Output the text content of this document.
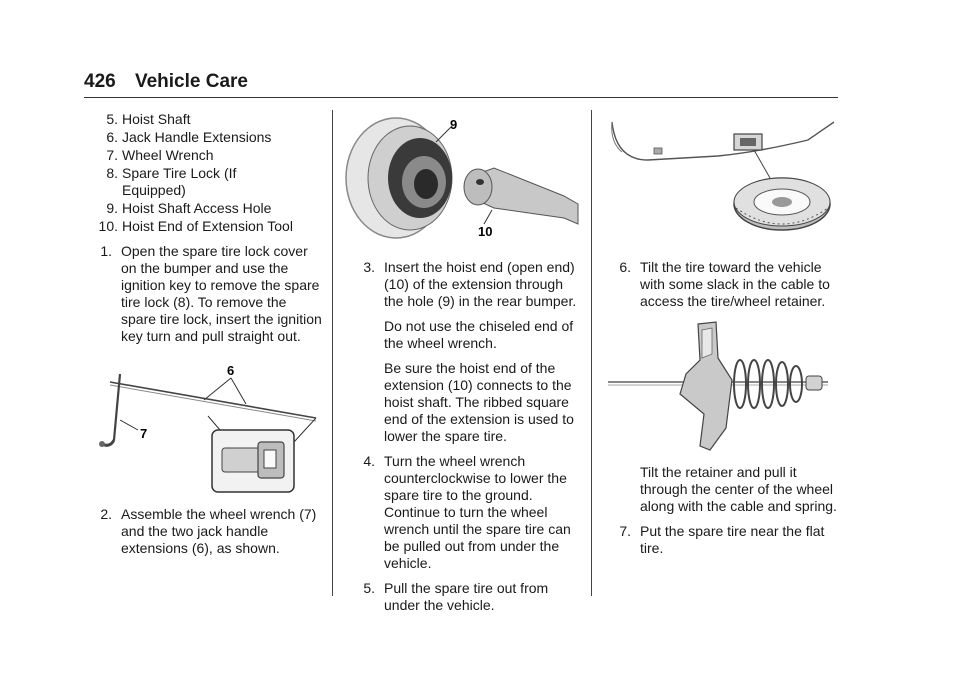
426 Vehicle Care
5. Hoist Shaft
6. Jack Handle Extensions
7. Wheel Wrench
8. Spare Tire Lock (If Equipped)
9. Hoist Shaft Access Hole
10. Hoist End of Extension Tool

1. Open the spare tire lock cover on the bumper and use the ignition key to remove the spare tire lock (8). To remove the spare tire lock, insert the ignition key turn and pull straight out.

6
7

2. Assemble the wheel wrench (7) and the two jack handle extensions (6), as shown.

9
10

3. Insert the hoist end (open end) (10) of the extension through the hole (9) in the rear bumper.

Do not use the chiseled end of the wheel wrench.

Be sure the hoist end of the extension (10) connects to the hoist shaft. The ribbed square end of the extension is used to lower the spare tire.

4. Turn the wheel wrench counterclockwise to lower the spare tire to the ground. Continue to turn the wheel wrench until the spare tire can be pulled out from under the vehicle.

5. Pull the spare tire out from under the vehicle.

6. Tilt the tire toward the vehicle with some slack in the cable to access the tire/wheel retainer.

Tilt the retainer and pull it through the center of the wheel along with the cable and spring.

7. Put the spare tire near the flat tire.
